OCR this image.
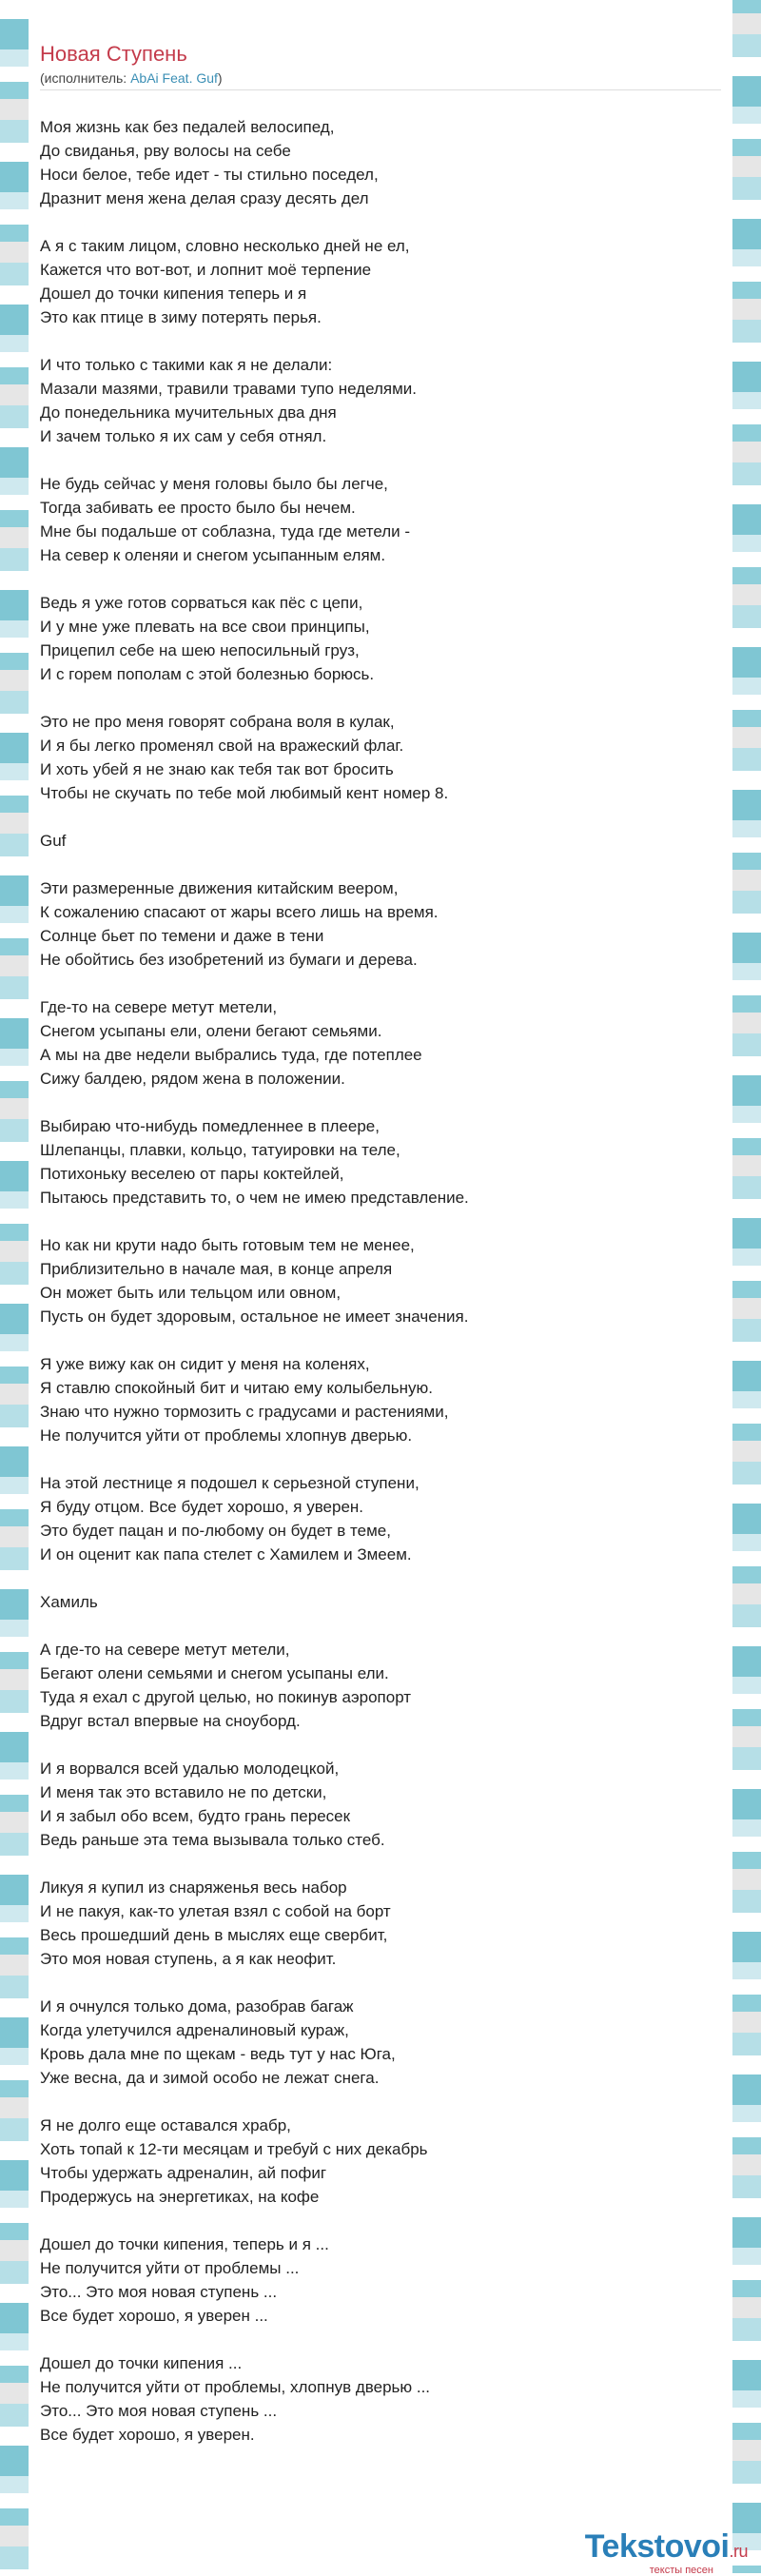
Новая Ступень
(исполнитель: AbAi Feat. Guf)
Моя жизнь как без педалей велосипед,
До свиданья, рву волосы на себе
Носи белое, тебе идет - ты стильно поседел,
Дразнит меня жена делая сразу десять дел
А я с таким лицом, словно несколько дней не ел,
Кажется что вот-вот, и лопнит моё терпение
Дошел до точки кипения теперь и я
Это как птице в зиму потерять перья.
И что только с такими как я не делали:
Мазали мазями, травили травами тупо неделями.
До понедельника мучительных два дня
И зачем только я их сам у себя отнял.
Не будь сейчас у меня головы было бы легче,
Тогда забивать ее просто было бы нечем.
Мне бы подальше от соблазна, туда где метели -
На север к оленяи и снегом усыпанным елям.
Ведь я уже готов сорваться как пёс с цепи,
И у мне уже плевать на все свои принципы,
Прицепил себе на шею непосильный груз,
И с горем пополам с этой болезнью борюсь.
Это не про меня говорят собрана воля в кулак,
И я бы легко променял свой на вражеский флаг.
И хоть убей я не знаю как тебя так вот бросить
Чтобы не скучать по тебе мой любимый кент номер 8.
Guf
Эти размеренные движения китайским веером,
К сожалению спасают от жары всего лишь на время.
Солнце бьет по темени и даже в тени
Не обойтись без изобретений из бумаги и дерева.
Где-то на севере метут метели,
Снегом усыпаны ели, олени бегают семьями.
А мы на две недели выбрались туда, где потеплее
Сижу балдею, рядом жена в положении.
Выбираю что-нибудь помедленнее в плеере,
Шлепанцы, плавки, кольцо, татуировки на теле,
Потихоньку веселею от пары коктейлей,
Пытаюсь представить то, о чем не имею представление.
Но как ни крути надо быть готовым тем не менее,
Приблизительно в начале мая, в конце апреля
Он может быть или тельцом или овном,
Пусть он будет здоровым, остальное не имеет значения.
Я уже вижу как он сидит у меня на коленях,
Я ставлю спокойный бит и читаю ему колыбельную.
Знаю что нужно тормозить с градусами и растениями,
Не получится уйти от проблемы хлопнув дверью.
На этой лестнице я подошел к серьезной ступени,
Я буду отцом. Все будет хорошо, я уверен.
Это будет пацан и по-любому он будет в теме,
И он оценит как папа стелет с Хамилем и Змеем.
Хамиль
А где-то на севере метут метели,
Бегают олени семьями и снегом усыпаны ели.
Туда я ехал с другой целью, но покинув аэропорт
Вдруг встал впервые на сноуборд.
И я ворвался всей удалью молодецкой,
И меня так это вставило не по детски,
И я забыл обо всем, будто грань пересек
Ведь раньше эта тема вызывала только стеб.
Ликуя я купил из снаряженья весь набор
И не пакуя, как-то улетая взял с собой на борт
Весь прошедший день в мыслях еще свербит,
Это моя новая ступень, а я как неофит.
И я очнулся только дома, разобрав багаж
Когда улетучился адреналиновый кураж,
Кровь дала мне по щекам - ведь тут у нас Юга,
Уже весна, да и зимой особо не лежат снега.
Я не долго еще оставался храбр,
Хоть топай к 12-ти месяцам и требуй с них декабрь
Чтобы удержать адреналин, ай пофиг
Продержусь на энергетиках, на кофе
Дошел до точки кипения, теперь и я ...
Не получится уйти от проблемы ...
Это... Это моя новая ступень ...
Все будет хорошо, я уверен ...
Дошел до точки кипения ...
Не получится уйти от проблемы, хлопнув дверью ...
Это... Это моя новая ступень ...
Все будет хорошо, я уверен.
Tekstovoi.ru
тексты песен
